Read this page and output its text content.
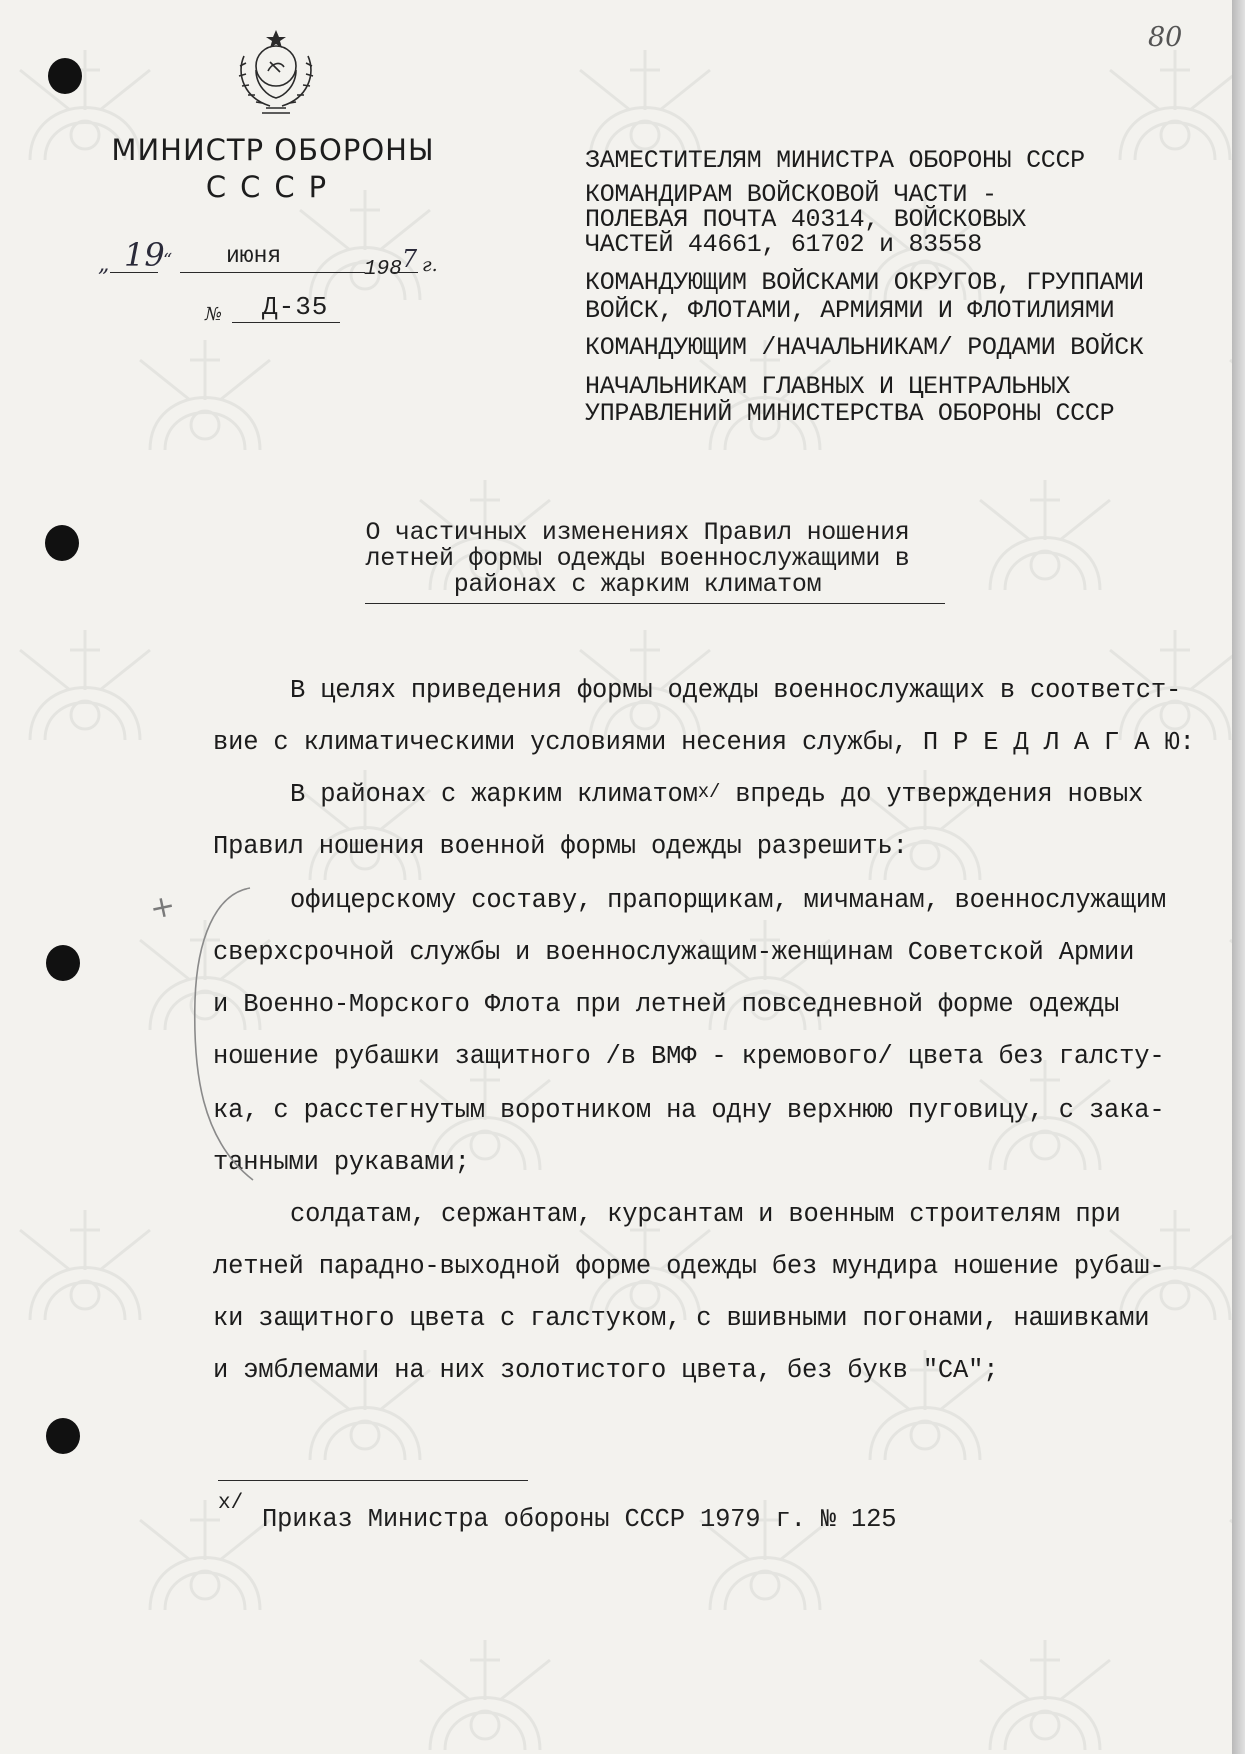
80
МИНИСТР ОБОРОНЫ
СССР
„ 19
“ июня
1987 г.
№ Д-35
ЗАМЕСТИТЕЛЯМ МИНИСТРА ОБОРОНЫ СССР
КОМАНДИРАМ ВОЙСКОВОЙ ЧАСТИ -
ПОЛЕВАЯ ПОЧТА 40314, ВОЙСКОВЫХ
ЧАСТЕЙ 44661, 61702 и 83558
КОМАНДУЮЩИМ ВОЙСКАМИ ОКРУГОВ, ГРУППАМИ
ВОЙСК, ФЛОТАМИ, АРМИЯМИ И ФЛОТИЛИЯМИ
КОМАНДУЮЩИМ /НАЧАЛЬНИКАМ/ РОДАМИ ВОЙСК
НАЧАЛЬНИКАМ ГЛАВНЫХ И ЦЕНТРАЛЬНЫХ
УПРАВЛЕНИЙ МИНИСТЕРСТВА ОБОРОНЫ СССР
О частичных изменениях Правил ношения
летней формы одежды военнослужащими в
районах с жарким климатом
В целях приведения формы одежды военнослужащих в соответст-
вие с климатическими условиями несения службы, П Р Е Д Л А Г А Ю:
В районах с жарким климатом$^{х/}$ впредь до утверждения новых
Правил ношения военной формы одежды разрешить:
офицерскому составу, прапорщикам, мичманам, военнослужащим
сверхсрочной службы и военнослужащим-женщинам Советской Армии
и Военно-Морского Флота при летней повседневной форме одежды
ношение рубашки защитного /в ВМФ - кремового/ цвета без галсту-
ка, с расстегнутым воротником на одну верхнюю пуговицу, с зака-
танными рукавами;
солдатам, сержантам, курсантам и военным строителям при
летней парадно-выходной форме одежды без мундира ношение рубаш-
ки защитного цвета с галстуком, с вшивными погонами, нашивками
и эмблемами на них золотистого цвета, без букв "СА";
+
х/
Приказ Министра обороны СССР 1979 г. № 125
